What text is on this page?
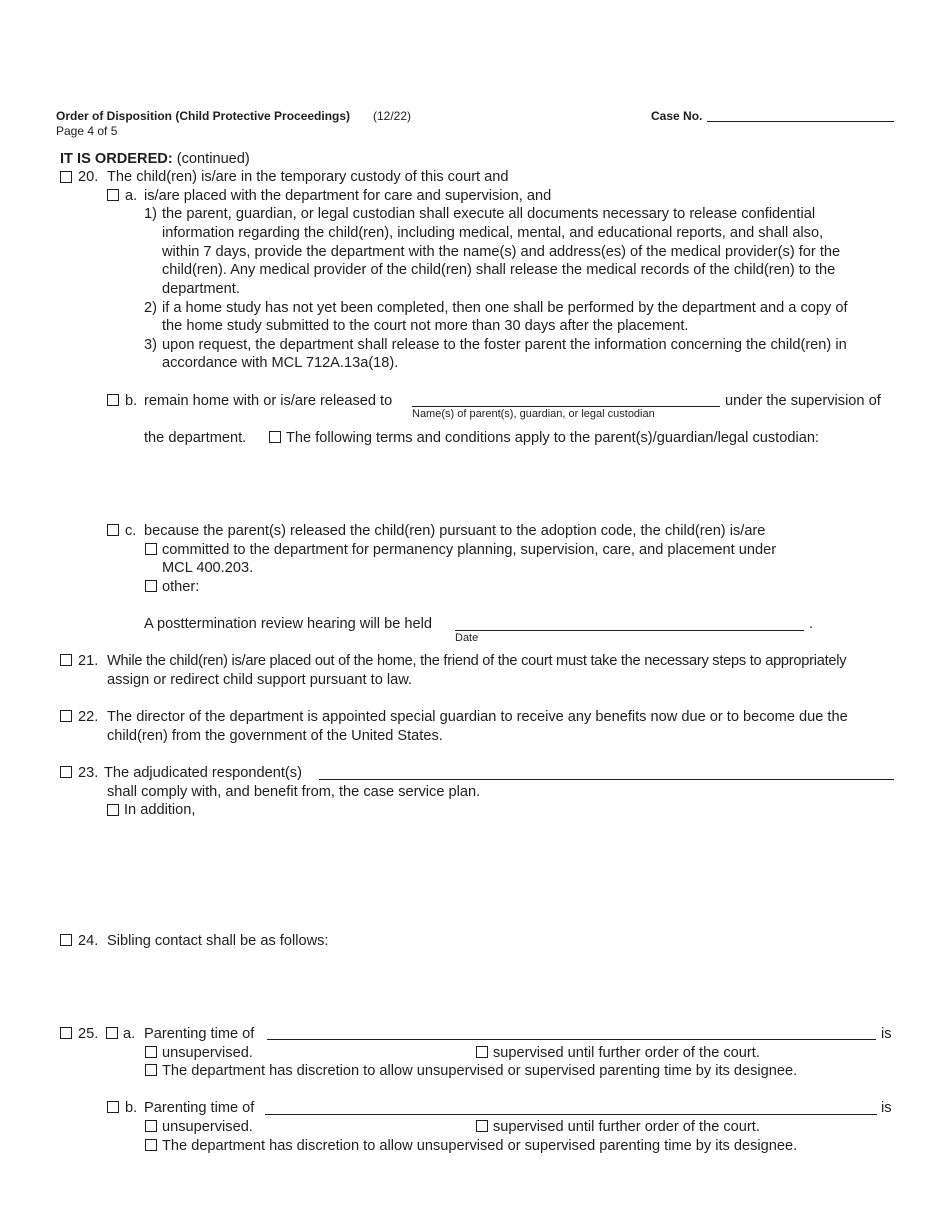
Order of Disposition (Child Protective Proceedings) (12/22)
Page 4 of 5
Case No.
IT IS ORDERED: (continued)
20. The child(ren) is/are in the temporary custody of this court and
a. is/are placed with the department for care and supervision, and
1) the parent, guardian, or legal custodian shall execute all documents necessary to release confidential
information regarding the child(ren), including medical, mental, and educational reports, and shall also,
within 7 days, provide the department with the name(s) and address(es) of the medical provider(s) for the
child(ren). Any medical provider of the child(ren) shall release the medical records of the child(ren) to the
department.
2) if a home study has not yet been completed, then one shall be performed by the department and a copy of
the home study submitted to the court not more than 30 days after the placement.
3) upon request, the department shall release to the foster parent the information concerning the child(ren) in
accordance with MCL 712A.13a(18).
b. remain home with or is/are released to
Name(s) of parent(s), guardian, or legal custodian
under the supervision of
the department.	The following terms and conditions apply to the parent(s)/guardian/legal custodian:
c. because the parent(s) released the child(ren) pursuant to the adoption code, the child(ren) is/are
committed to the department for permanency planning, supervision, care, and placement under
MCL 400.203.
other:
A posttermination review hearing will be held
Date
.
21. While the child(ren) is/are placed out of the home, the friend of the court must take the necessary steps to appropriately
assign or redirect child support pursuant to law.
22. The director of the department is appointed special guardian to receive any benefits now due or to become due the
child(ren) from the government of the United States.
23. The adjudicated respondent(s)
shall comply with, and benefit from, the case service plan.
In addition,
24. Sibling contact shall be as follows:
25. a. Parenting time of	is
unsupervised.	supervised until further order of the court.
The department has discretion to allow unsupervised or supervised parenting time by its designee.
b. Parenting time of	is
unsupervised.	supervised until further order of the court.
The department has discretion to allow unsupervised or supervised parenting time by its designee.
